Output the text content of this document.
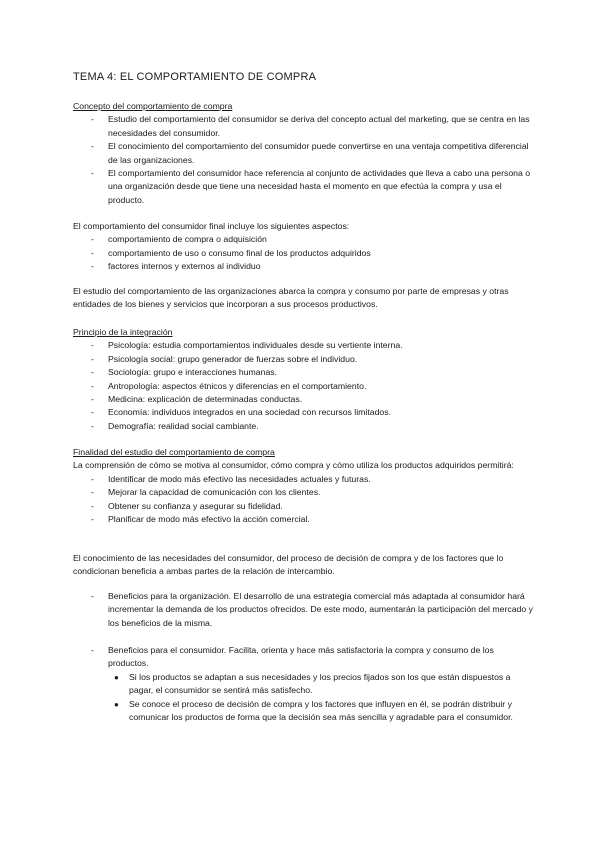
TEMA 4: EL COMPORTAMIENTO DE COMPRA
Concepto del comportamiento de compra
- Estudio del comportamiento del consumidor se deriva del concepto actual del marketing, que se centra en las necesidades del consumidor.
- El conocimiento del comportamiento del consumidor puede convertirse en una ventaja competitiva diferencial de las organizaciones.
- El comportamiento del consumidor hace referencia al conjunto de actividades que lleva a cabo una persona o una organización desde que tiene una necesidad hasta el momento en que efectúa la compra y usa el producto.
El comportamiento del consumidor final incluye los siguientes aspectos:
- comportamiento de compra o adquisición
- comportamiento de uso o consumo final de los productos adquiridos
- factores internos y externos al individuo
El estudio del comportamiento de las organizaciones abarca la compra y consumo por parte de empresas y otras entidades de los bienes y servicios que incorporan a sus procesos productivos.
Principio de la integración
- Psicología: estudia comportamientos individuales desde su vertiente interna.
- Psicología social: grupo generador de fuerzas sobre el individuo.
- Sociología: grupo e interacciones humanas.
- Antropología: aspectos étnicos y diferencias en el comportamiento.
- Medicina: explicación de determinadas conductas.
- Economía: individuos integrados en una sociedad con recursos limitados.
- Demografía: realidad social cambiante.
Finalidad del estudio del comportamiento de compra
La comprensión de cómo se motiva al consumidor, cómo compra y cómo utiliza los productos adquiridos permitirá:
- Identificar de modo más efectivo las necesidades actuales y futuras.
- Mejorar la capacidad de comunicación con los clientes.
- Obtener su confianza y asegurar su fidelidad.
- Planificar de modo más efectivo la acción comercial.
El conocimiento de las necesidades del consumidor, del proceso de decisión de compra y de los factores que lo condicionan beneficia a ambas partes de la relación de intercambio.
- Beneficios para la organización. El desarrollo de una estrategia comercial más adaptada al consumidor hará incrementar la demanda de los productos ofrecidos. De este modo, aumentarán la participación del mercado y los beneficios de la misma.
- Beneficios para el consumidor. Facilita, orienta y hace más satisfactoria la compra y consumo de los productos.
● Si los productos se adaptan a sus necesidades y los precios fijados son los que están dispuestos a pagar, el consumidor se sentirá más satisfecho.
● Se conoce el proceso de decisión de compra y los factores que influyen en él, se podrán distribuir y comunicar los productos de forma que la decisión sea más sencilla y agradable para el consumidor.
